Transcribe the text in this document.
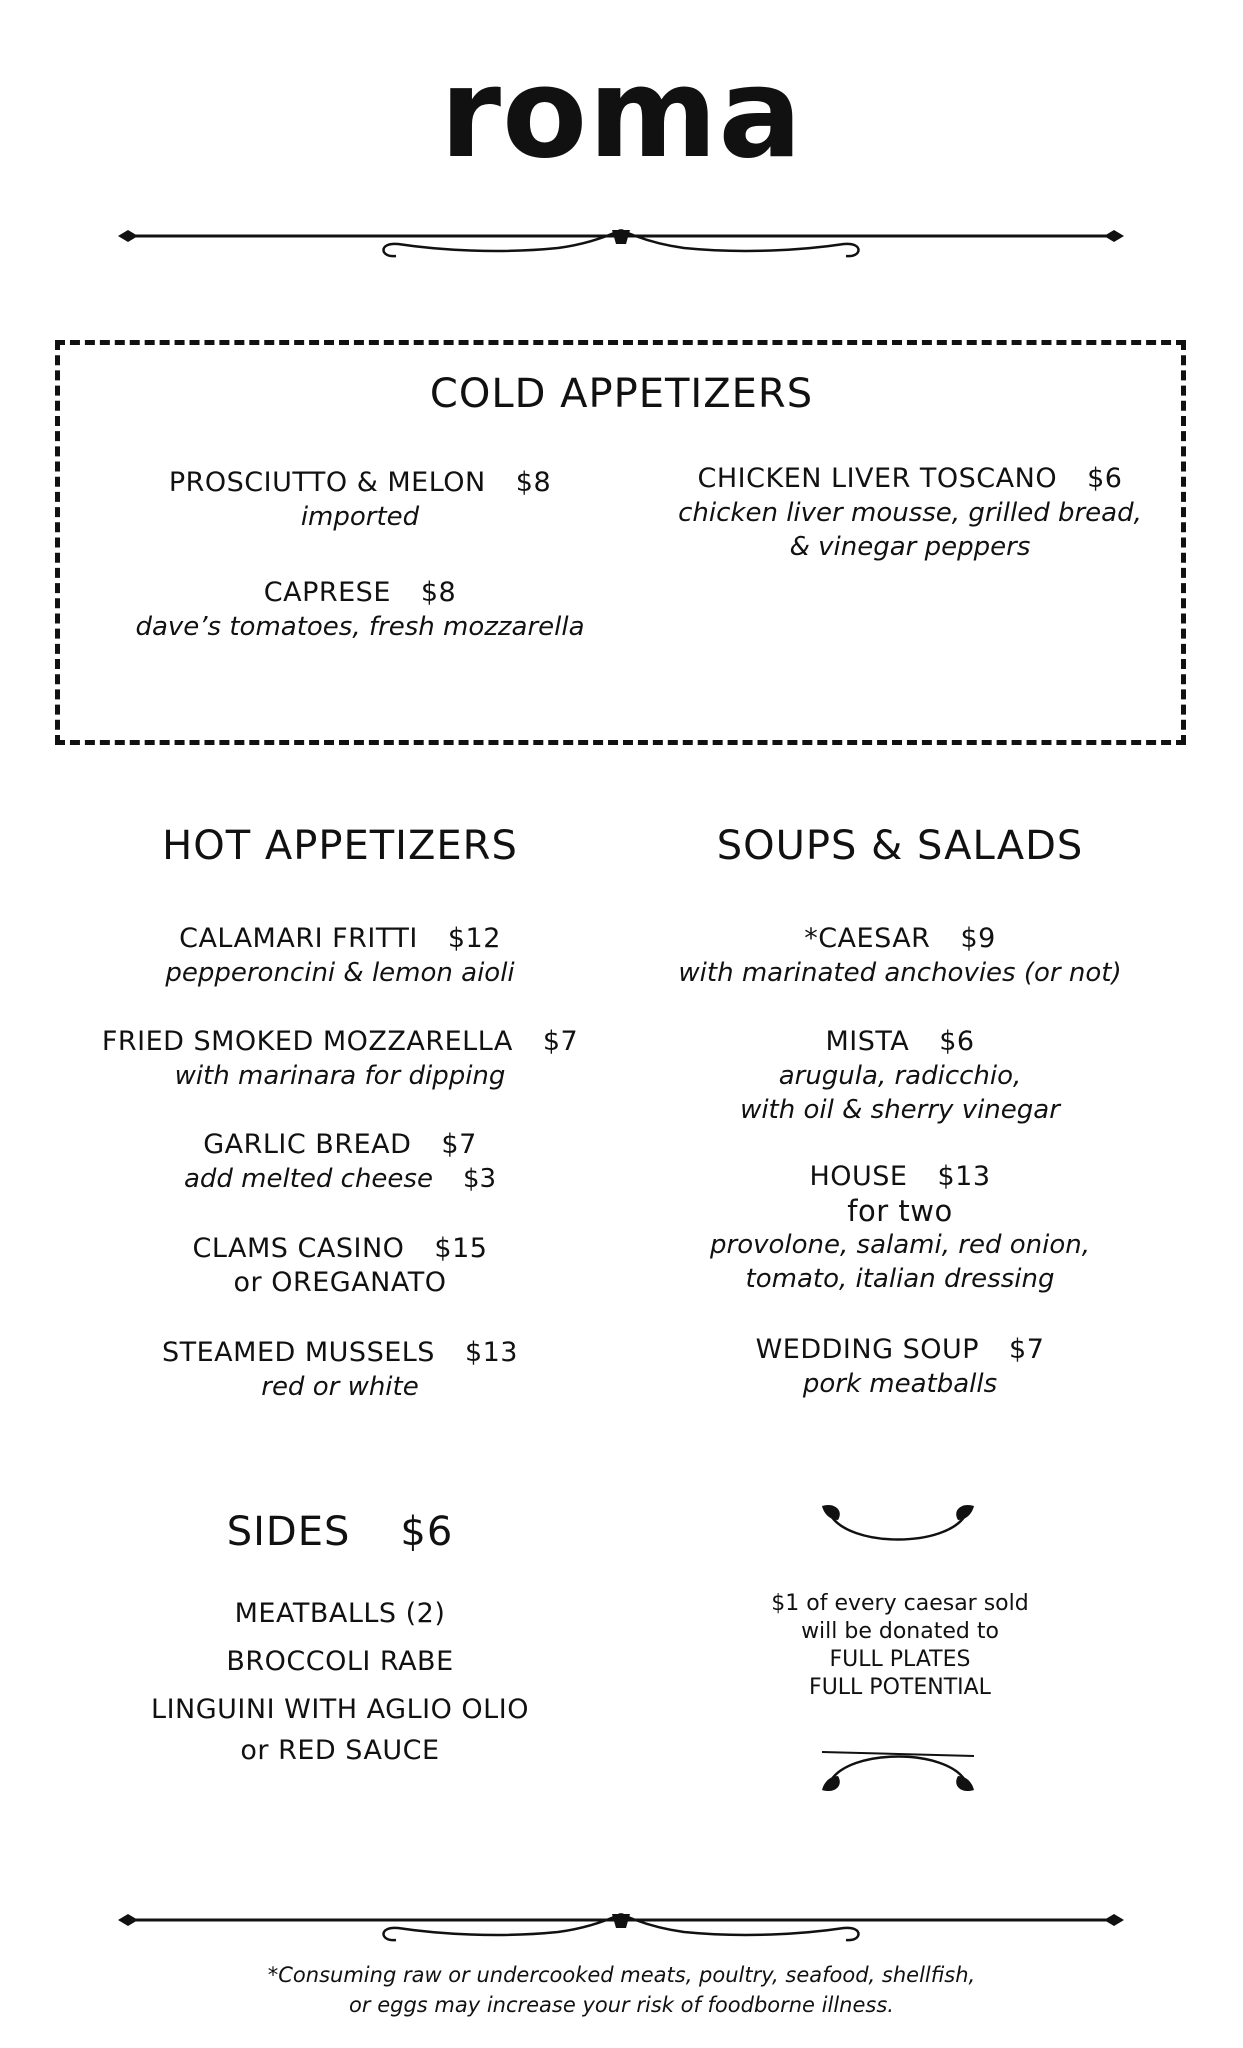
roma
COLD APPETIZERS
PROSCIUTTO & MELON $8
imported
CAPRESE $8
dave’s tomatoes, fresh mozzarella
CHICKEN LIVER TOSCANO $6
chicken liver mousse, grilled bread,
& vinegar peppers
HOT APPETIZERS
CALAMARI FRITTI $12
pepperoncini & lemon aioli
FRIED SMOKED MOZZARELLA $7
with marinara for dipping
GARLIC BREAD $7
add melted cheese $3
CLAMS CASINO $15
or OREGANATO
STEAMED MUSSELS $13
red or white
SOUPS & SALADS
*CAESAR $9
with marinated anchovies (or not)
MISTA $6
arugula, radicchio,
with oil & sherry vinegar
HOUSE $13
for two
provolone, salami, red onion,
tomato, italian dressing
WEDDING SOUP $7
pork meatballs
SIDES $6
MEATBALLS (2)
BROCCOLI RABE
LINGUINI WITH AGLIO OLIO
or RED SAUCE
$1 of every caesar sold
will be donated to
FULL PLATES
FULL POTENTIAL
*Consuming raw or undercooked meats, poultry, seafood, shellfish,
or eggs may increase your risk of foodborne illness.
